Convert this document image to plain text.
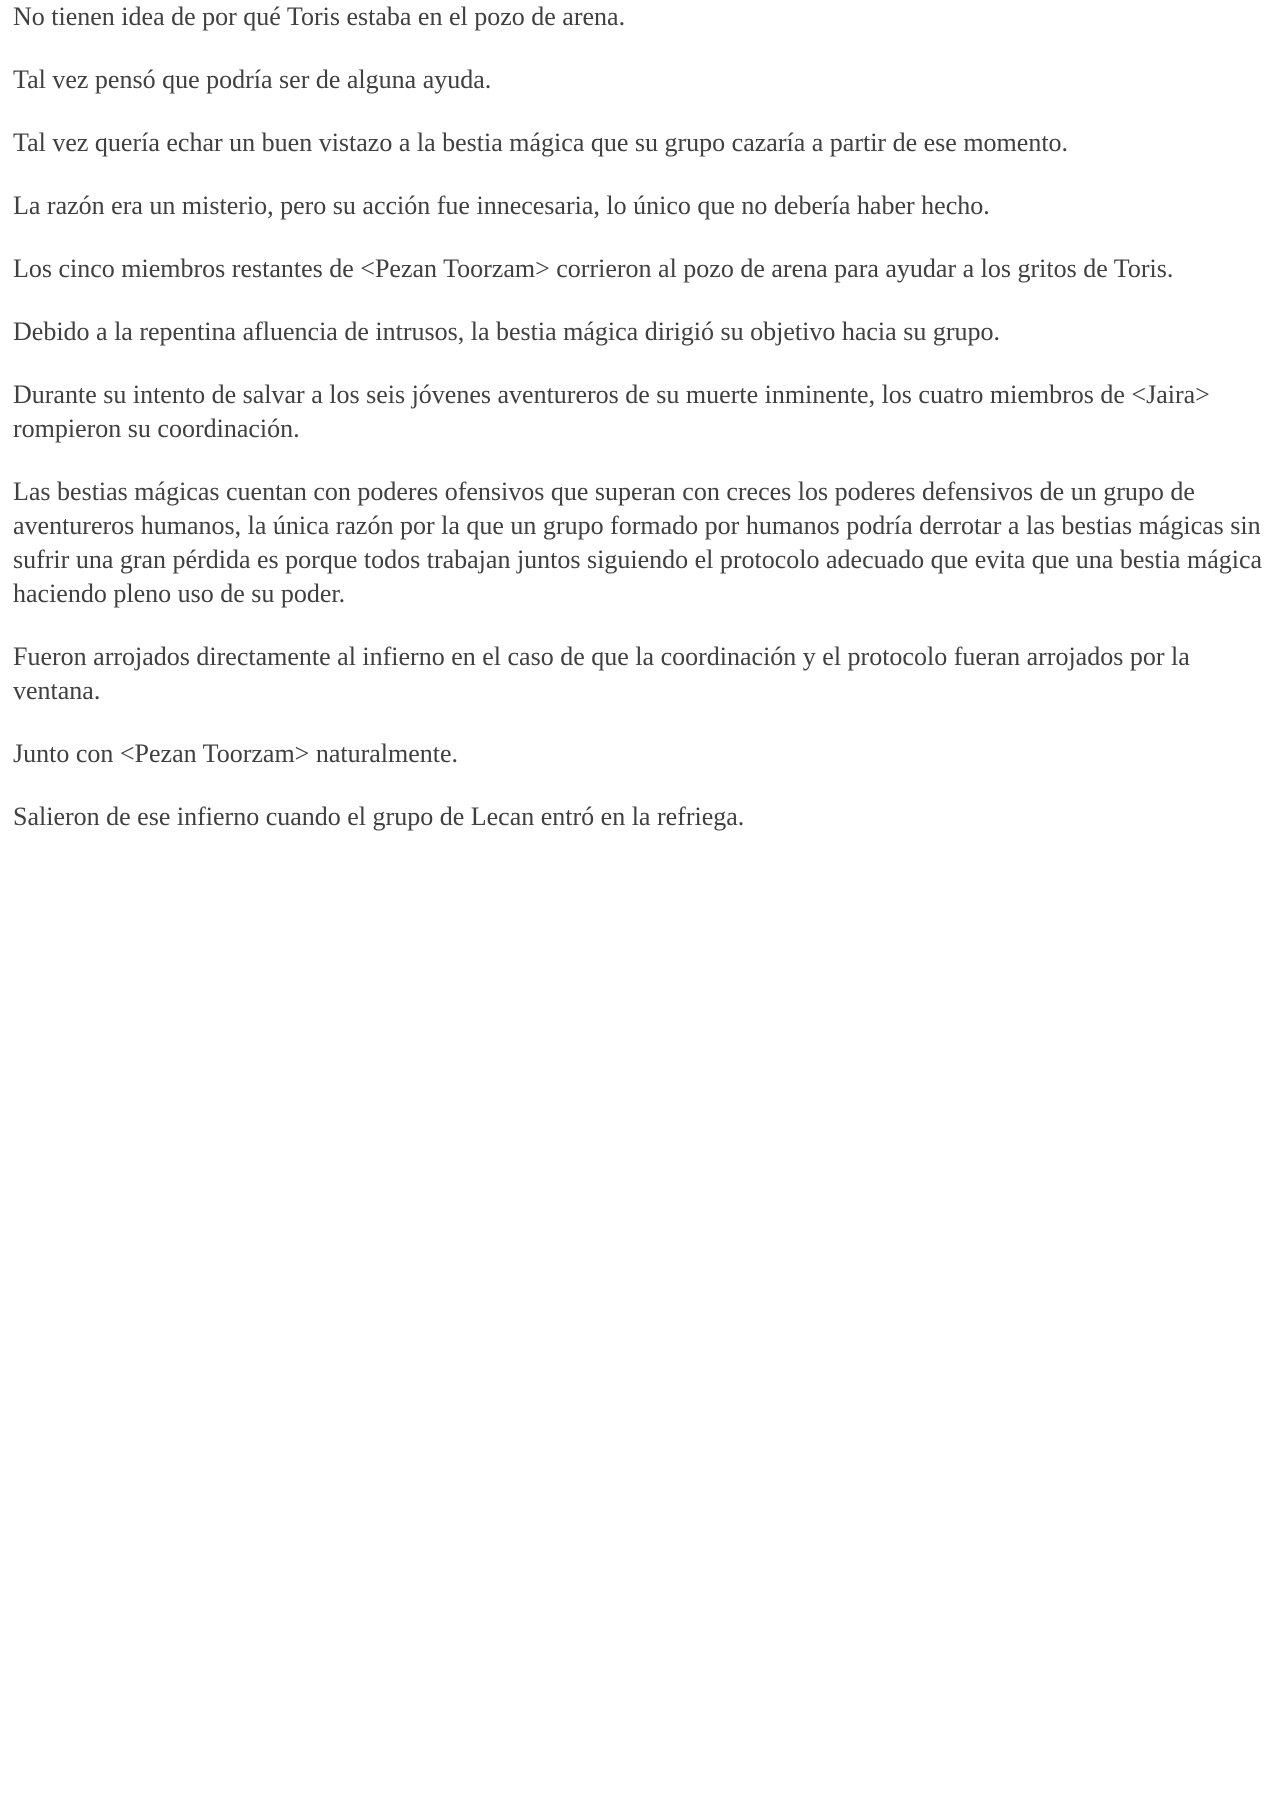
No tienen idea de por qué Toris estaba en el pozo de arena.

Tal vez pensó que podría ser de alguna ayuda.

Tal vez quería echar un buen vistazo a la bestia mágica que su grupo cazaría a partir de ese momento.

La razón era un misterio, pero su acción fue innecesaria, lo único que no debería haber hecho.

Los cinco miembros restantes de <Pezan Toorzam> corrieron al pozo de arena para ayudar a los gritos de Toris.

Debido a la repentina afluencia de intrusos, la bestia mágica dirigió su objetivo hacia su grupo.

Durante su intento de salvar a los seis jóvenes aventureros de su muerte inminente, los cuatro miembros de <Jaira> rompieron su coordinación.

Las bestias mágicas cuentan con poderes ofensivos que superan con creces los poderes defensivos de un grupo de aventureros humanos, la única razón por la que un grupo formado por humanos podría derrotar a las bestias mágicas sin sufrir una gran pérdida es porque todos trabajan juntos siguiendo el protocolo adecuado que evita que una bestia mágica haciendo pleno uso de su poder.

Fueron arrojados directamente al infierno en el caso de que la coordinación y el protocolo fueran arrojados por la ventana.

Junto con <Pezan Toorzam> naturalmente.

Salieron de ese infierno cuando el grupo de Lecan entró en la refriega.
